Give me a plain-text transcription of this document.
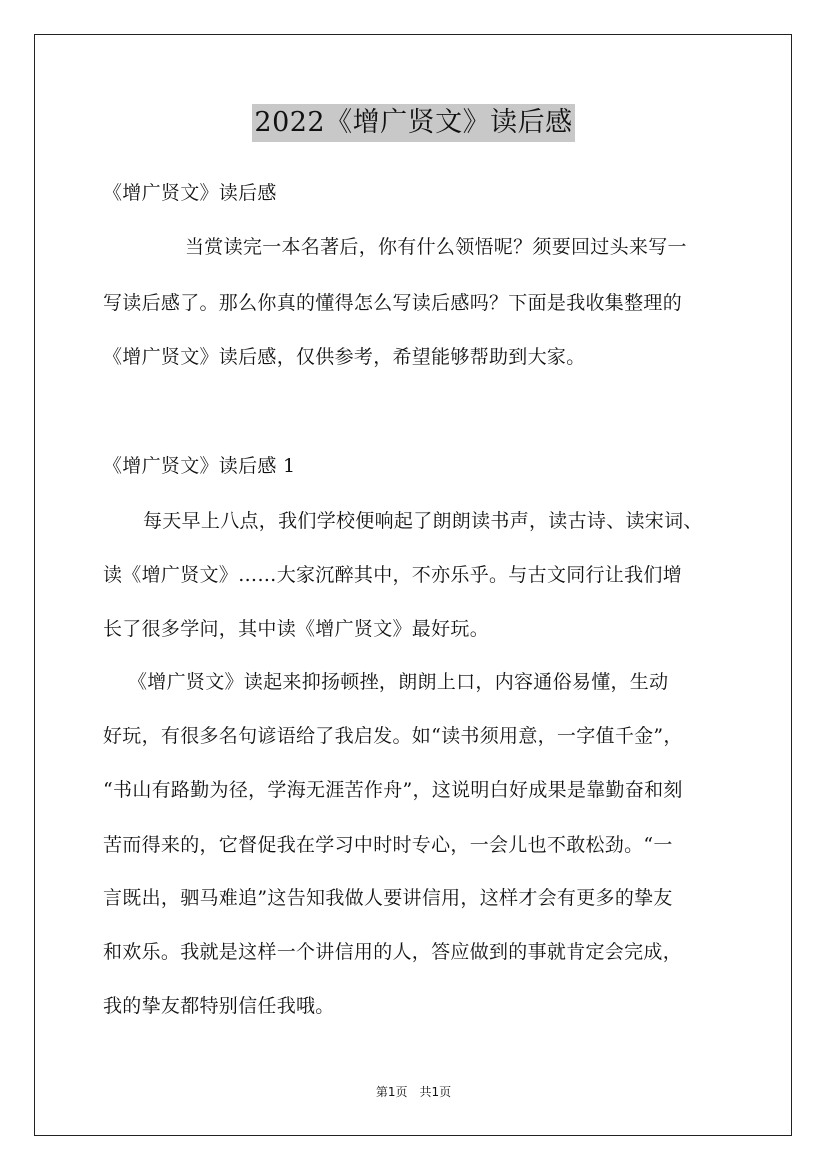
2022《增广贤文》读后感
《增广贤文》读后感
当赏读完一本名著后，你有什么领悟呢？须要回过头来写一
写读后感了。那么你真的懂得怎么写读后感吗？下面是我收集整理的
《增广贤文》读后感，仅供参考，希望能够帮助到大家。
《增广贤文》读后感 1
每天早上八点，我们学校便响起了朗朗读书声，读古诗、读宋词、
读《增广贤文》……大家沉醉其中，不亦乐乎。与古文同行让我们增
长了很多学问，其中读《增广贤文》最好玩。
《增广贤文》读起来抑扬顿挫，朗朗上口，内容通俗易懂，生动
好玩，有很多名句谚语给了我启发。如“读书须用意，一字值千金”，
“书山有路勤为径，学海无涯苦作舟”，这说明白好成果是靠勤奋和刻
苦而得来的，它督促我在学习中时时专心，一会儿也不敢松劲。“一
言既出，驷马难追”这告知我做人要讲信用，这样才会有更多的挚友
和欢乐。我就是这样一个讲信用的人，答应做到的事就肯定会完成，
我的挚友都特别信任我哦。
第1页 共1页
